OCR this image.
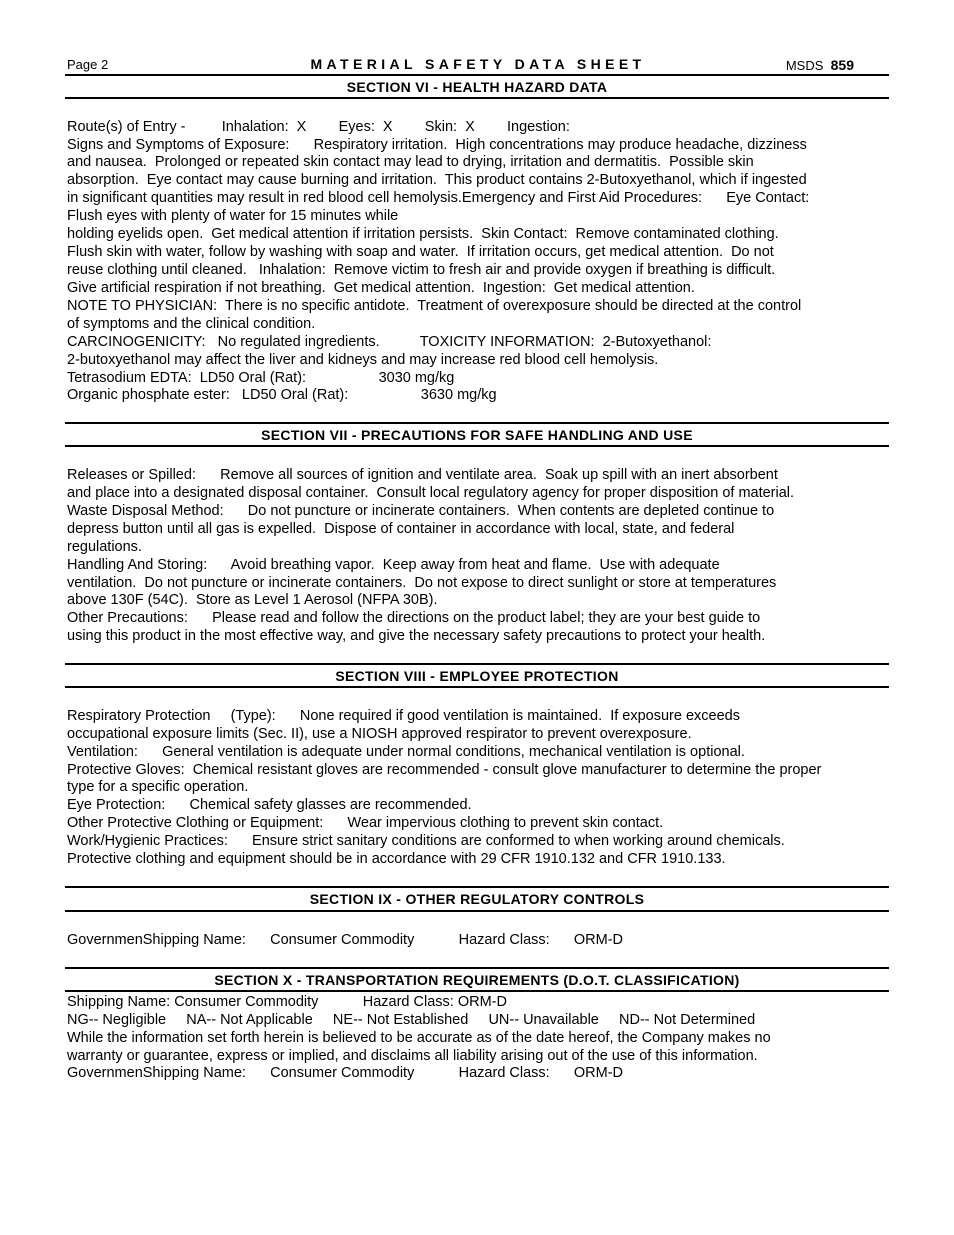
Page 2	MATERIAL SAFETY DATA SHEET	MSDS 859
SECTION VI - HEALTH HAZARD DATA
Route(s) of Entry -         Inhalation:  X        Eyes:  X        Skin:  X        Ingestion:
Signs and Symptoms of Exposure:      Respiratory irritation.  High concentrations may produce headache, dizziness
and nausea.  Prolonged or repeated skin contact may lead to drying, irritation and dermatitis.  Possible skin
absorption.  Eye contact may cause burning and irritation.  This product contains 2-Butoxyethanol, which if ingested
in significant quantities may result in red blood cell hemolysis.Emergency and First Aid Procedures:      Eye Contact:
Flush eyes with plenty of water for 15 minutes while
holding eyelids open.  Get medical attention if irritation persists.  Skin Contact:  Remove contaminated clothing.
Flush skin with water, follow by washing with soap and water.  If irritation occurs, get medical attention.  Do not
reuse clothing until cleaned.   Inhalation:  Remove victim to fresh air and provide oxygen if breathing is difficult.
Give artificial respiration if not breathing.  Get medical attention.  Ingestion:  Get medical attention.
NOTE TO PHYSICIAN:  There is no specific antidote.  Treatment of overexposure should be directed at the control
of symptoms and the clinical condition.
CARCINOGENICITY:   No regulated ingredients.          TOXICITY INFORMATION:  2-Butoxyethanol:
2-butoxyethanol may affect the liver and kidneys and may increase red blood cell hemolysis.
Tetrasodium EDTA:  LD50 Oral (Rat):                  3030 mg/kg
Organic phosphate ester:   LD50 Oral (Rat):                  3630 mg/kg
SECTION VII - PRECAUTIONS FOR SAFE HANDLING AND USE
Releases or Spilled:      Remove all sources of ignition and ventilate area.  Soak up spill with an inert absorbent
and place into a designated disposal container.  Consult local regulatory agency for proper disposition of material.
Waste Disposal Method:      Do not puncture or incinerate containers.  When contents are depleted continue to
depress button until all gas is expelled.  Dispose of container in accordance with local, state, and federal
regulations.
Handling And Storing:      Avoid breathing vapor.  Keep away from heat and flame.  Use with adequate
ventilation.  Do not puncture or incinerate containers.  Do not expose to direct sunlight or store at temperatures
above 130F (54C).  Store as Level 1 Aerosol (NFPA 30B).
Other Precautions:      Please read and follow the directions on the product label; they are your best guide to
using this product in the most effective way, and give the necessary safety precautions to protect your health.
SECTION VIII - EMPLOYEE PROTECTION
Respiratory Protection     (Type):      None required if good ventilation is maintained.  If exposure exceeds
occupational exposure limits (Sec. II), use a NIOSH approved respirator to prevent overexposure.
Ventilation:      General ventilation is adequate under normal conditions, mechanical ventilation is optional.
Protective Gloves:  Chemical resistant gloves are recommended - consult glove manufacturer to determine the proper
type for a specific operation.
Eye Protection:      Chemical safety glasses are recommended.
Other Protective Clothing or Equipment:      Wear impervious clothing to prevent skin contact.
Work/Hygienic Practices:      Ensure strict sanitary conditions are conformed to when working around chemicals.
Protective clothing and equipment should be in accordance with 29 CFR 1910.132 and CFR 1910.133.
SECTION IX - OTHER REGULATORY CONTROLS
GovernmenShipping Name:      Consumer Commodity           Hazard Class:      ORM-D
SECTION X - TRANSPORTATION REQUIREMENTS (D.O.T. CLASSIFICATION)
Shipping Name: Consumer Commodity           Hazard Class: ORM-D
NG-- Negligible     NA-- Not Applicable     NE-- Not Established     UN-- Unavailable     ND-- Not Determined
While the information set forth herein is believed to be accurate as of the date hereof, the Company makes no
warranty or guarantee, express or implied, and disclaims all liability arising out of the use of this information.
GovernmenShipping Name:      Consumer Commodity           Hazard Class:      ORM-D
